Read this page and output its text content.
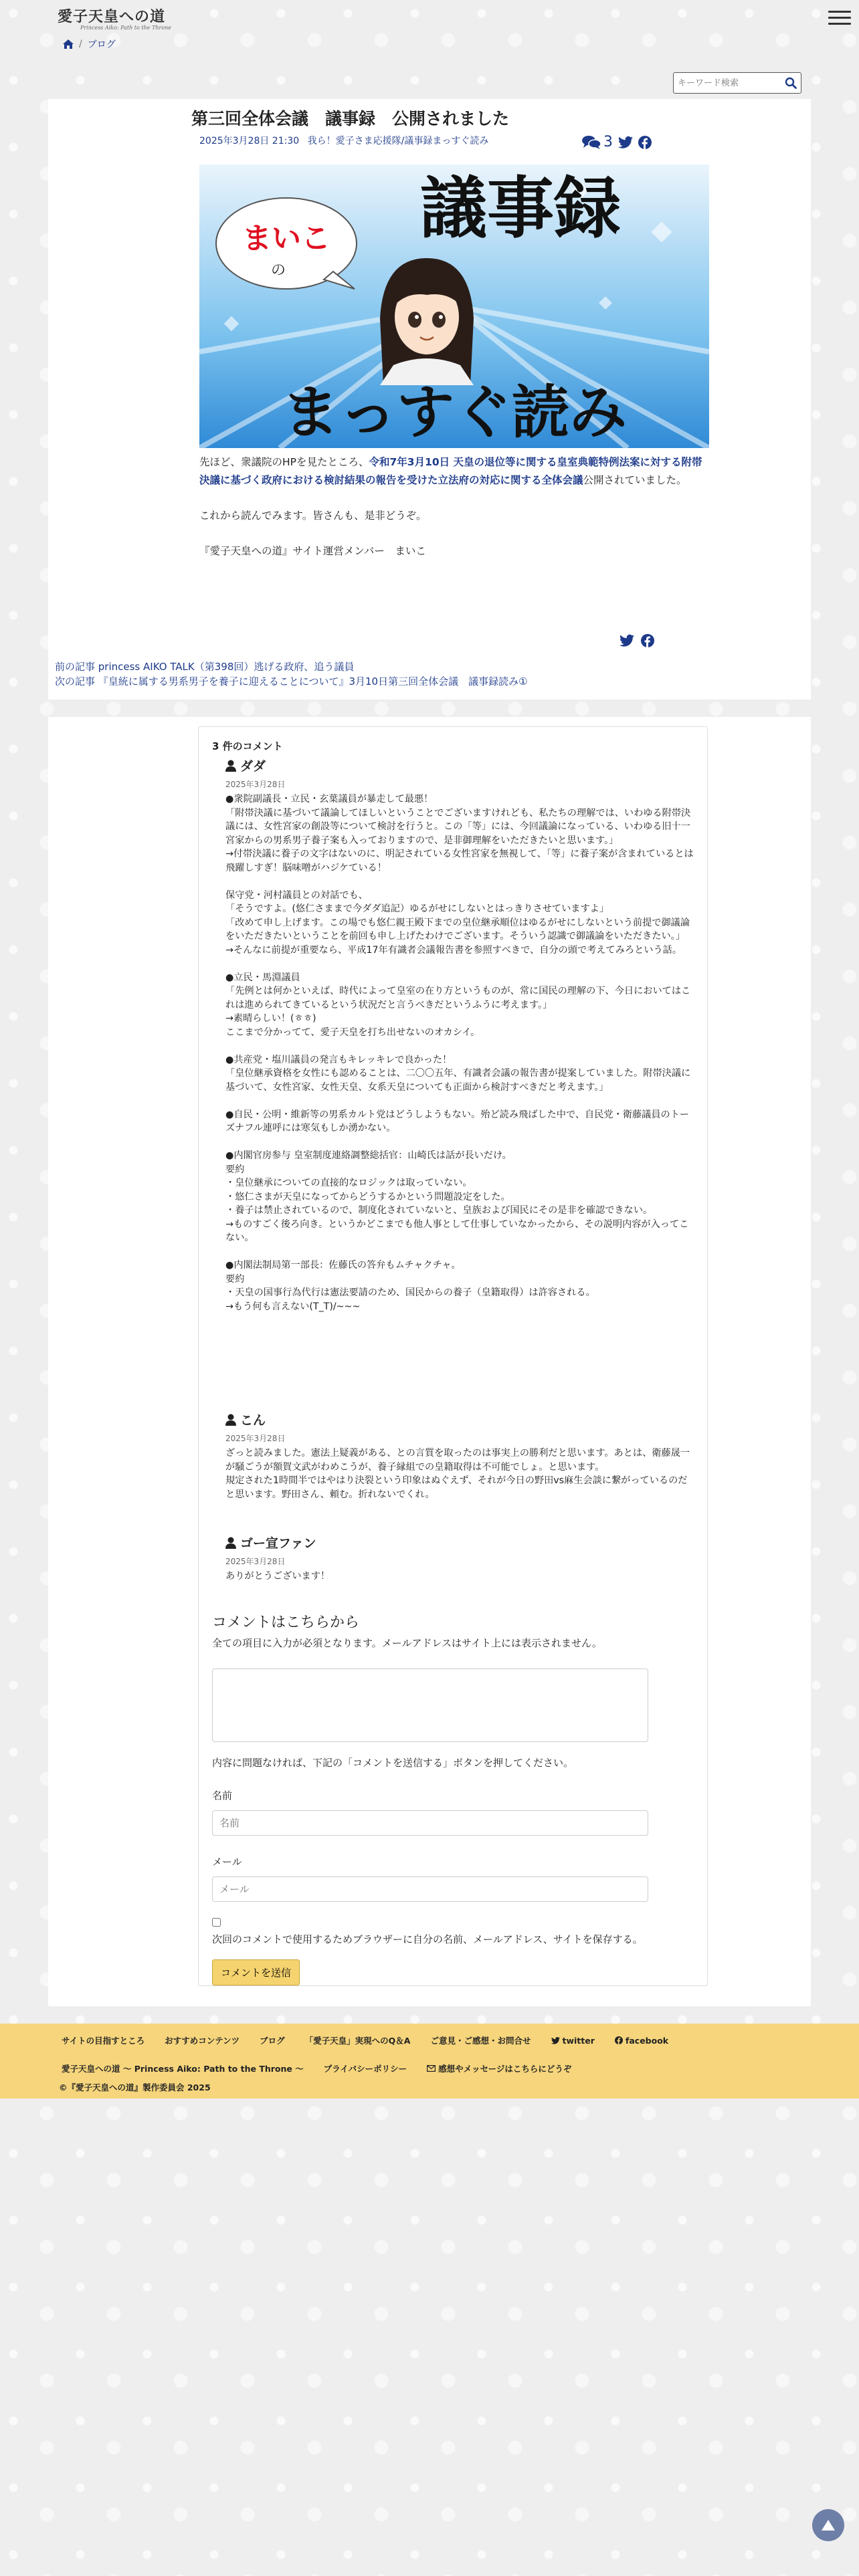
愛子天皇への道
Princess Aiko: Path to the Throne
/ ブログ
キーワード検索
第三回全体会議　議事録　公開されました
2025年3月28日 21:30 我ら！愛子さま応援隊/議事録まっすぐ読み	3
まいこ
の
議事録
まっすぐ読み

先ほど、衆議院のHPを見たところ、令和7年3月10日 天皇の退位等に関する皇室典範特例法案に対する附帯決議に基づく政府における検討結果の報告を受けた立法府の対応に関する全体会議公開されていました。

これから読んでみます。皆さんも、是非どうぞ。

『愛子天皇への道』サイト運営メンバー　まいこ

前の記事 princess AIKO TALK（第398回）逃げる政府、追う議員
次の記事 『皇統に属する男系男子を養子に迎えることについて』3月10日第三回全体会議　議事録読み①
3 件のコメント
ダダ
2025年3月28日
●衆院副議長・立民・玄葉議員が暴走して最悪！
「附帯決議に基づいて議論してほしいということでございますけれども、私たちの理解では、いわゆる附帯決議には、女性宮家の創設等について検討を行うと。この「等」には、今回議論になっている、いわゆる旧十一宮家からの男系男子養子案も入っておりますので、是非御理解をいただきたいと思います。」
→付帯決議に養子の文字はないのに、明記されている女性宮家を無視して、「等」に養子案が含まれているとは飛躍しすぎ！脳味噌がハジケている！

保守党・河村議員との対話でも、
「そうですよ。(悠仁さままで今ダダ追記）ゆるがせにしないとはっきりさせていますよ」
「改めて申し上げます。この場でも悠仁親王殿下までの皇位継承順位はゆるがせにしないという前提で御議論をいただきたいということを前回も申し上げたわけでございます。そういう認識で御議論をいただきたい。」
→そんなに前提が重要なら、平成17年有識者会議報告書を参照すべきで、自分の頭で考えてみろという話。

●立民・馬淵議員
「先例とは何かといえば、時代によって皇室の在り方というものが、常に国民の理解の下、今日においてはこれは進められてきているという状況だと言うべきだというふうに考えます。」
→素晴らしい！(ㅎㅎ)
ここまで分かってて、愛子天皇を打ち出せないのオカシイ。

●共産党・塩川議員の発言もキレッキレで良かった！
「皇位継承資格を女性にも認めることは、二〇〇五年、有識者会議の報告書が提案していました。附帯決議に基づいて、女性宮家、女性天皇、女系天皇についても正面から検討すべきだと考えます。」

●自民・公明・維新等の男系カルト党はどうしようもない。殆ど読み飛ばした中で、自民党・衛藤議員のトーズナフル連呼には寒気もしか湧かない。

●内閣官房参与 皇室制度連絡調整総括官：山崎氏は話が長いだけ。
要約
・皇位継承についての直接的なロジックは取っていない。
・悠仁さまが天皇になってからどうするかという問題設定をした。
・養子は禁止されているので、制度化されていないと、皇族および国民にその是非を確認できない。
→ものすごく後ろ向き。というかどこまでも他人事として仕事していなかったから、その説明内容が入ってこない。

●内閣法制局第一部長：佐藤氏の答弁もムチャクチャ。
要約
・天皇の国事行為代行は憲法要請のため、国民からの養子（皇籍取得）は許容される。
→もう何も言えない(T_T)/~~~
こん
2025年3月28日
ざっと読みました。憲法上疑義がある、との言質を取ったのは事実上の勝利だと思います。あとは、衛藤晟一が騒ごうが額賀文武がわめこうが、養子縁組での皇籍取得は不可能でしょ。と思います。
規定された1時間半ではやはり決裂という印象はぬぐえず、それが今日の野田vs麻生会談に繋がっているのだと思います。野田さん、頼む。折れないでくれ。
ゴー宣ファン
2025年3月28日
ありがとうございます！
コメントはこちらから
全ての項目に入力が必須となります。メールアドレスはサイト上には表示されません。
内容に問題なければ、下記の「コメントを送信する」ボタンを押してください。
名前
名前
メール
メール

次回のコメントで使用するためブラウザーに自分の名前、メールアドレス、サイトを保存する。
コメントを送信
サイトの目指すところ おすすめコンテンツ ブログ 「愛子天皇」実現へのQ＆A ご意見・ご感想・お問合せ	twitter	facebook
愛子天皇への道 〜 Princess Aiko: Path to the Throne 〜 プライバシーポリシー	感想やメッセージはこちらにどうぞ
©『愛子天皇への道』製作委員会 2025
